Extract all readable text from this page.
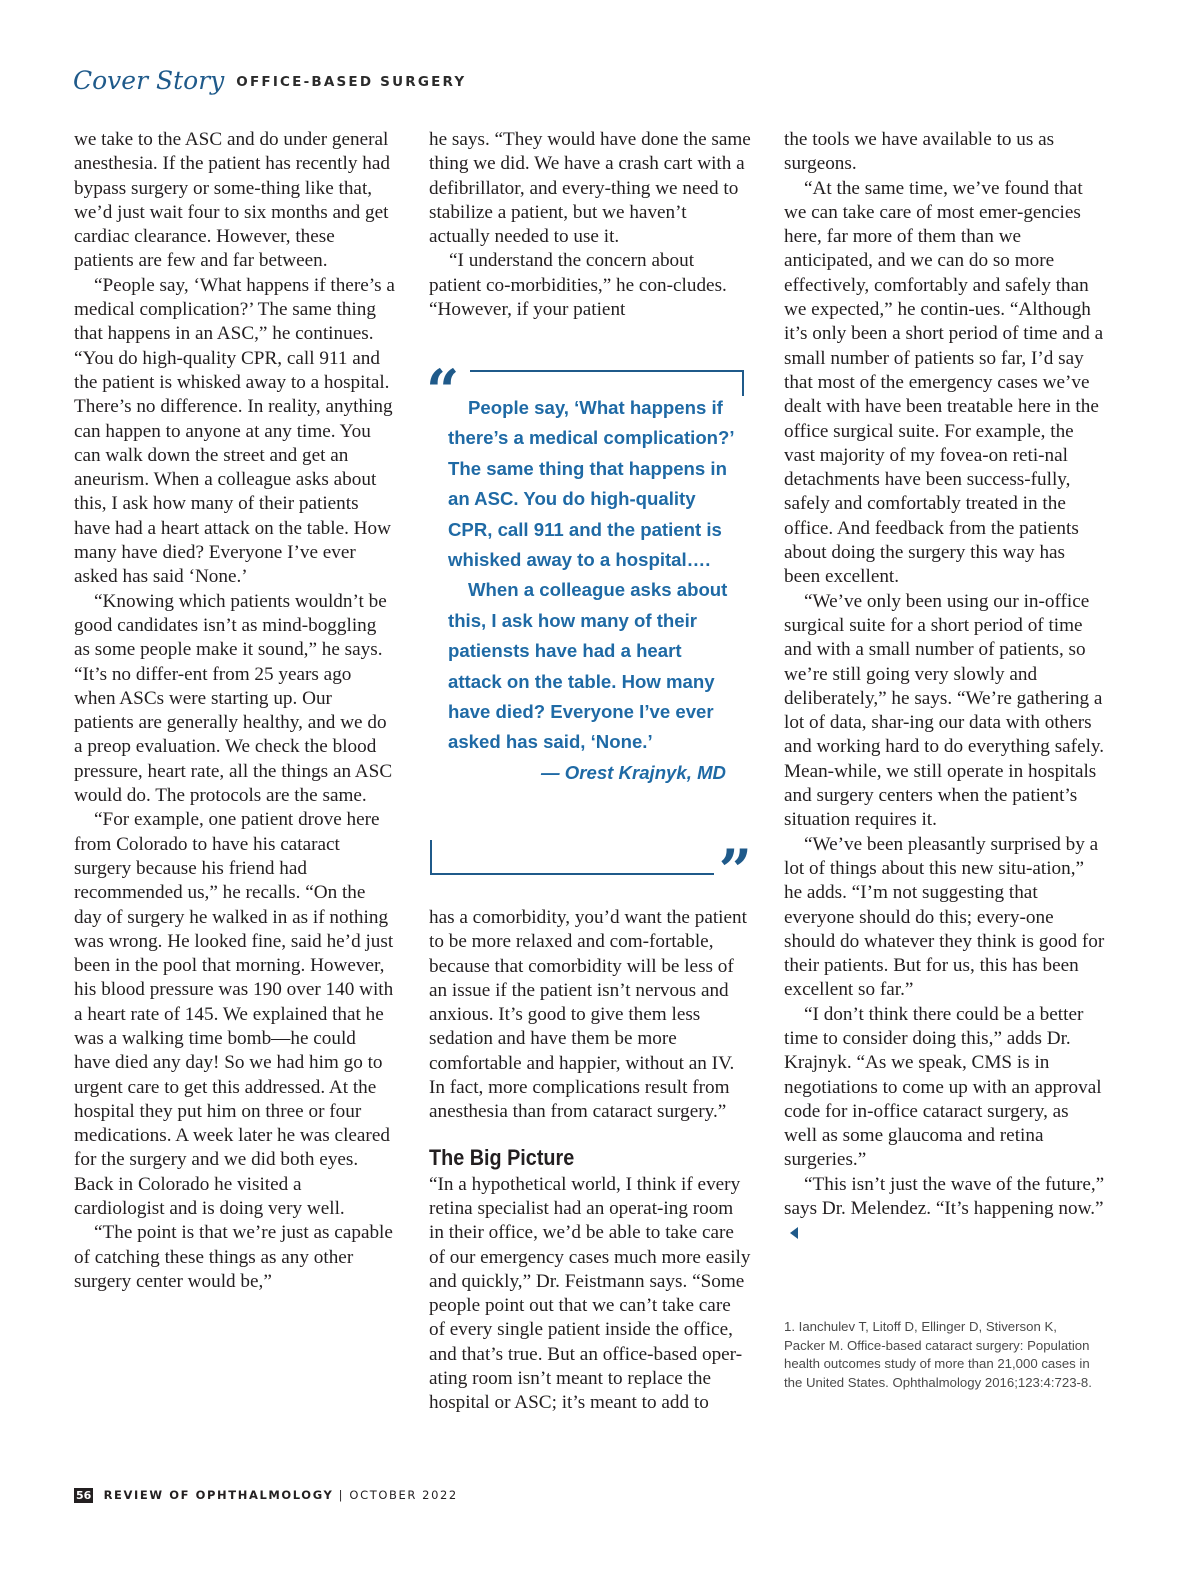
Cover Story OFFICE-BASED SURGERY

we take to the ASC and do under general anesthesia. If the patient has recently had bypass surgery or some-thing like that, we’d just wait four to six months and get cardiac clearance. However, these patients are few and far between.

“People say, ‘What happens if there’s a medical complication?’ The same thing that happens in an ASC,” he continues. “You do high-quality CPR, call 911 and the patient is whisked away to a hospital. There’s no difference. In reality, anything can happen to anyone at any time. You can walk down the street and get an aneurism. When a colleague asks about this, I ask how many of their patients have had a heart attack on the table. How many have died? Everyone I’ve ever asked has said ‘None.’

“Knowing which patients wouldn’t be good candidates isn’t as mind-boggling as some people make it sound,” he says. “It’s no differ-ent from 25 years ago when ASCs were starting up. Our patients are generally healthy, and we do a preop evaluation. We check the blood pressure, heart rate, all the things an ASC would do. The protocols are the same.

“For example, one patient drove here from Colorado to have his cataract surgery because his friend had recommended us,” he recalls. “On the day of surgery he walked in as if nothing was wrong. He looked fine, said he’d just been in the pool that morning. However, his blood pressure was 190 over 140 with a heart rate of 145. We explained that he was a walking time bomb—he could have died any day! So we had him go to urgent care to get this addressed. At the hospital they put him on three or four medications. A week later he was cleared for the surgery and we did both eyes. Back in Colorado he visited a cardiologist and is doing very well.

“The point is that we’re just as capable of catching these things as any other surgery center would be,”

he says. “They would have done the same thing we did. We have a crash cart with a defibrillator, and every-thing we need to stabilize a patient, but we haven’t actually needed to use it.

“I understand the concern about patient co-morbidities,” he con-cludes. “However, if your patient

“ People say, ‘What happens if there’s a medical complication?’ The same thing that happens in an ASC. You do high-quality CPR, call 911 and the patient is whisked away to a hospital….

When a colleague asks about this, I ask how many of their patiensts have had a heart attack on the table. How many have died? Everyone I’ve ever asked has said, ‘None.’

— Orest Krajnyk, MD

”

has a comorbidity, you’d want the patient to be more relaxed and com-fortable, because that comorbidity will be less of an issue if the patient isn’t nervous and anxious. It’s good to give them less sedation and have them be more comfortable and happier, without an IV. In fact, more complications result from anesthesia than from cataract surgery.”

The Big Picture

“In a hypothetical world, I think if every retina specialist had an operat-ing room in their office, we’d be able to take care of our emergency cases much more easily and quickly,” Dr. Feistmann says. “Some people point out that we can’t take care of every single patient inside the office, and that’s true. But an office-based oper-ating room isn’t meant to replace the hospital or ASC; it’s meant to add to

the tools we have available to us as surgeons.

“At the same time, we’ve found that we can take care of most emer-gencies here, far more of them than we anticipated, and we can do so more effectively, comfortably and safely than we expected,” he contin-ues. “Although it’s only been a short period of time and a small number of patients so far, I’d say that most of the emergency cases we’ve dealt with have been treatable here in the office surgical suite. For example, the vast majority of my fovea-on reti-nal detachments have been success-fully, safely and comfortably treated in the office. And feedback from the patients about doing the surgery this way has been excellent.

“We’ve only been using our in-office surgical suite for a short period of time and with a small number of patients, so we’re still going very slowly and deliberately,” he says. “We’re gathering a lot of data, shar-ing our data with others and working hard to do everything safely. Mean-while, we still operate in hospitals and surgery centers when the patient’s situation requires it.

“We’ve been pleasantly surprised by a lot of things about this new situ-ation,” he adds. “I’m not suggesting that everyone should do this; every-one should do whatever they think is good for their patients. But for us, this has been excellent so far.”

“I don’t think there could be a better time to consider doing this,” adds Dr. Krajnyk. “As we speak, CMS is in negotiations to come up with an approval code for in-office cataract surgery, as well as some glaucoma and retina surgeries.”

“This isn’t just the wave of the future,” says Dr. Melendez. “It’s happening now.”

1. Ianchulev T, Litoff D, Ellinger D, Stiverson K, Packer M. Office-based cataract surgery: Population health outcomes study of more than 21,000 cases in the United States. Ophthalmology 2016;123:4:723-8.
56 REVIEW OF OPHTHALMOLOGY | OCTOBER 2022
